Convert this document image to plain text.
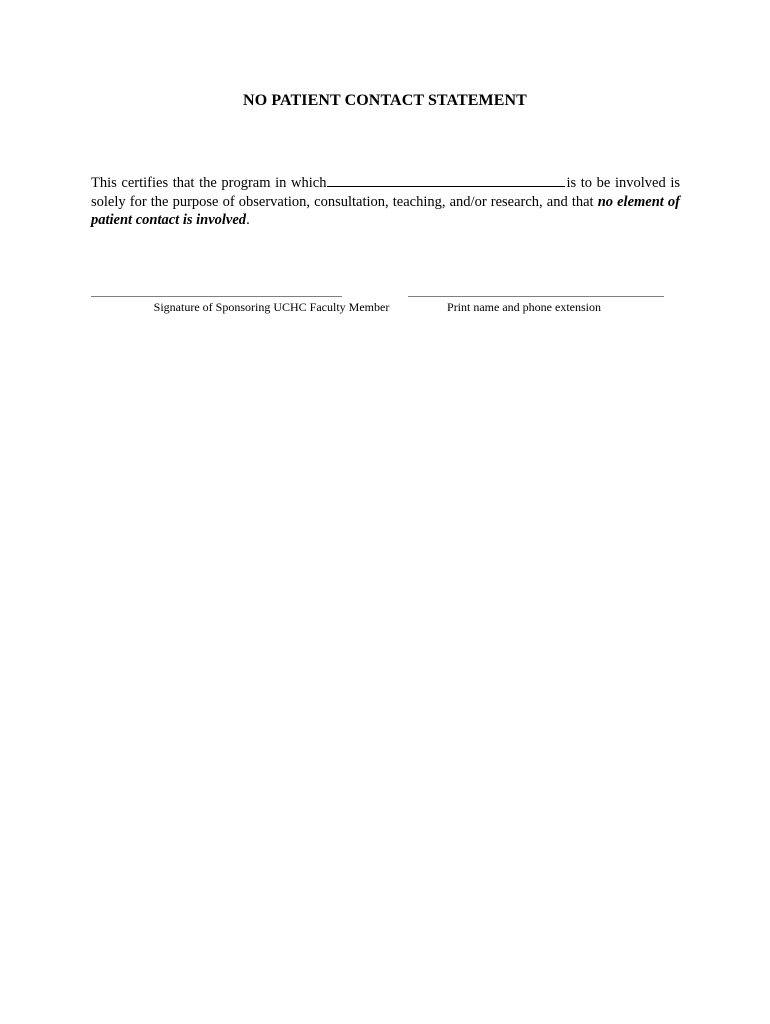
NO PATIENT CONTACT STATEMENT
This certifies that the program in which	is to be involved is solely for the purpose of observation, consultation, teaching, and/or research, and that no element of patient contact is involved.
Signature of Sponsoring UCHC Faculty Member	Print name and phone extension
